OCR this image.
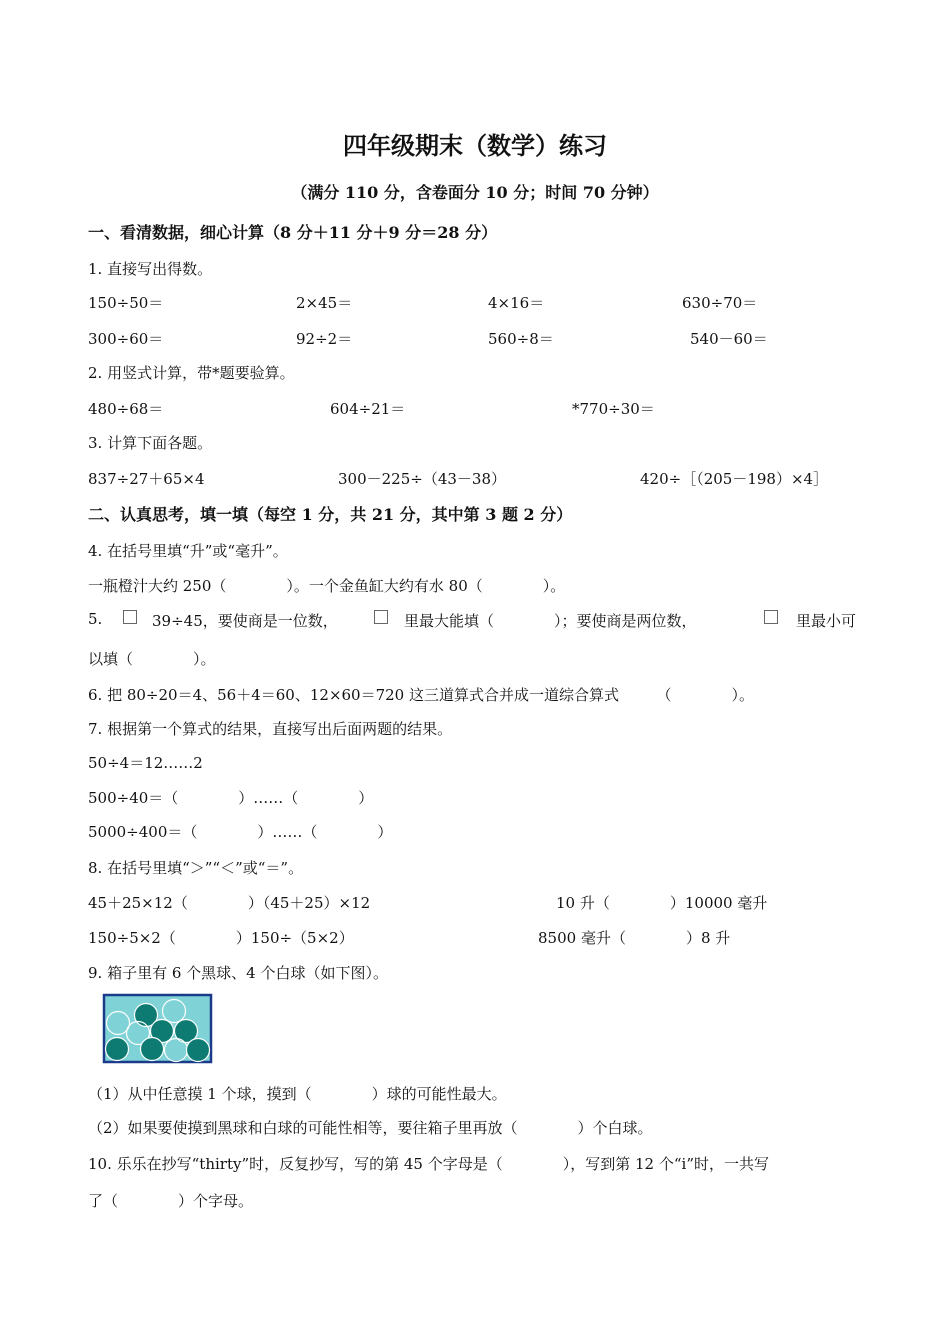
四年级期末（数学）练习
（满分 110 分，含卷面分 10 分；时间 70 分钟）
一、看清数据，细心计算（8 分＋11 分＋9 分＝28 分）
1. 直接写出得数。
150÷50＝	2×45＝	4×16＝	630÷70＝
300÷60＝	92÷2＝	560÷8＝	540－60＝
2. 用竖式计算，带*题要验算。
480÷68＝	604÷21＝	*770÷30＝
3. 计算下面各题。
837÷27＋65×4	300－225÷（43－38）	420÷［（205－198）×4］
二、认真思考，填一填（每空 1 分，共 21 分，其中第 3 题 2 分）
4. 在括号里填“升”或“毫升”。
一瓶橙汁大约 250（　　　　）。一个金鱼缸大约有水 80（　　　　）。
5.	39÷45，要使商是一位数，	里最大能填（　　　　）；要使商是两位数，	里最小可
以填（　　　　）。
6. 把 80÷20＝4、56＋4＝60、12×60＝720 这三道算式合并成一道综合算式　　　（　　　　）。
7. 根据第一个算式的结果，直接写出后面两题的结果。
50÷4＝12……2
500÷40＝（　　　　）……（　　　　）
5000÷400＝（　　　　）……（　　　　）
8. 在括号里填“＞”“＜”或“＝”。
45＋25×12（　　　　）（45＋25）×12	10 升（　　　　）10000 毫升
150÷5×2（　　　　）150÷（5×2）	8500 毫升（　　　　）8 升
9. 箱子里有 6 个黑球、4 个白球（如下图）。
（1）从中任意摸 1 个球，摸到（　　　　）球的可能性最大。
（2）如果要使摸到黑球和白球的可能性相等，要往箱子里再放（　　　　）个白球。
10. 乐乐在抄写“thirty”时，反复抄写，写的第 45 个字母是（　　　　），写到第 12 个“i”时，一共写
了（　　　　）个字母。
